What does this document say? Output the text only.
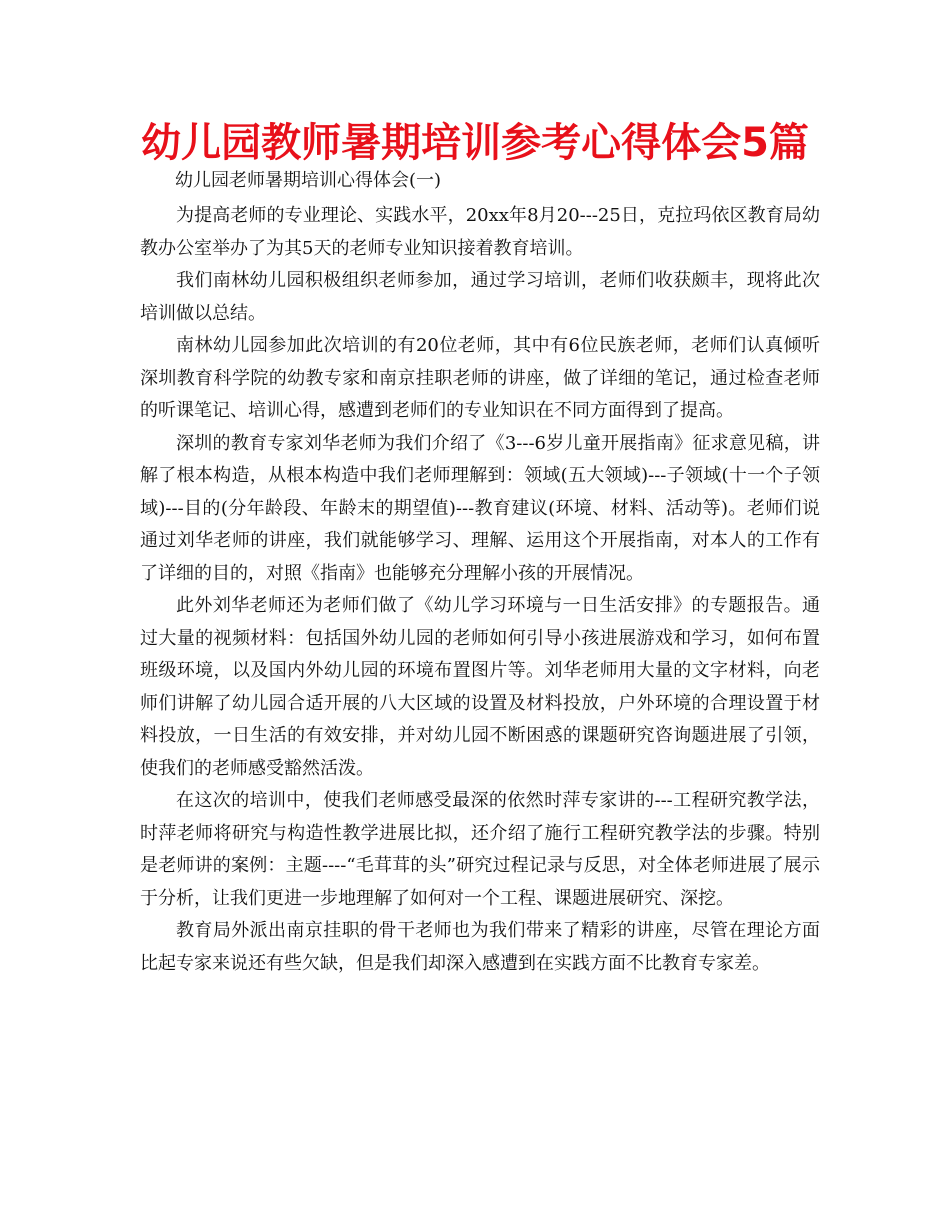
幼儿园教师暑期培训参考心得体会5篇

幼儿园老师暑期培训心得体会(一)

为提高老师的专业理论、实践水平，20xx年8月20---25日，克拉玛依区教育局幼教办公室举办了为其5天的老师专业知识接着教育培训。

我们南林幼儿园积极组织老师参加，通过学习培训，老师们收获颇丰，现将此次培训做以总结。

南林幼儿园参加此次培训的有20位老师，其中有6位民族老师，老师们认真倾听深圳教育科学院的幼教专家和南京挂职老师的讲座，做了详细的笔记，通过检查老师的听课笔记、培训心得，感遭到老师们的专业知识在不同方面得到了提高。

深圳的教育专家刘华老师为我们介绍了《3---6岁儿童开展指南》征求意见稿，讲解了根本构造，从根本构造中我们老师理解到：领域(五大领域)---子领域(十一个子领域)---目的(分年龄段、年龄末的期望值)---教育建议(环境、材料、活动等)。老师们说通过刘华老师的讲座，我们就能够学习、理解、运用这个开展指南，对本人的工作有了详细的目的，对照《指南》也能够充分理解小孩的开展情况。

此外刘华老师还为老师们做了《幼儿学习环境与一日生活安排》的专题报告。通过大量的视频材料：包括国外幼儿园的老师如何引导小孩进展游戏和学习，如何布置班级环境，以及国内外幼儿园的环境布置图片等。刘华老师用大量的文字材料，向老师们讲解了幼儿园合适开展的八大区域的设置及材料投放，户外环境的合理设置于材料投放，一日生活的有效安排，并对幼儿园不断困惑的课题研究咨询题进展了引领，使我们的老师感受豁然活泼。

在这次的培训中，使我们老师感受最深的依然时萍专家讲的---工程研究教学法，时萍老师将研究与构造性教学进展比拟，还介绍了施行工程研究教学法的步骤。特别是老师讲的案例：主题----“毛茸茸的头”研究过程记录与反思，对全体老师进展了展示于分析，让我们更进一步地理解了如何对一个工程、课题进展研究、深挖。

教育局外派出南京挂职的骨干老师也为我们带来了精彩的讲座，尽管在理论方面比起专家来说还有些欠缺，但是我们却深入感遭到在实践方面不比教育专家差。
